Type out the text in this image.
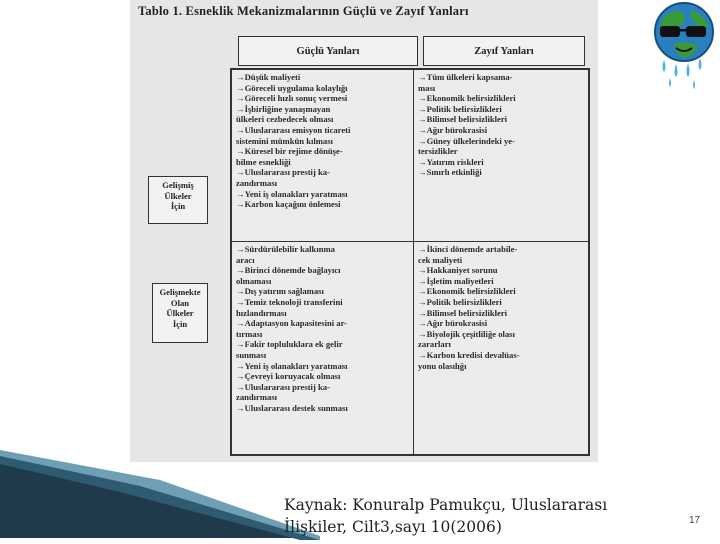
Tablo 1. Esneklik Mekanizmalarının Güçlü ve Zayıf Yanları
Güçlü Yanları	Zayıf Yanları
Gelişmiş
Ülkeler
İçin
Gelişmekte
Olan
Ülkeler
İçin
→Düşük maliyeti
→Göreceli uygulama kolaylığı
→Göreceli hızlı sonuç vermesi
→İşbirliğine yanaşmayan
ülkeleri cezbedecek olması
→Uluslararası emisyon ticareti
sistemini mümkün kılması
→Küresel bir rejime dönüşe-
bilme esnekliği
→Uluslararası prestij ka-
zandırması
→Yeni iş olanakları yaratması
→Karbon kaçağını önlemesi
→Tüm ülkeleri kapsama-
ması
→Ekonomik belirsizlikleri
→Politik belirsizlikleri
→Bilimsel belirsizlikleri
→Ağır bürokrasisi
→Güney ülkelerindeki ye-
tersizlikler
→Yatırım riskleri
→Sınırlı etkinliği
→Sürdürülebilir kalkınma
aracı
→Birinci dönemde bağlayıcı
olmaması
→Dış yatırım sağlaması
→Temiz teknoloji transferini
hızlandırması
→Adaptasyon kapasitesini ar-
tırması
→Fakir topluluklara ek gelir
sunması
→Yeni iş olanakları yaratması
→Çevreyi koruyacak olması
→Uluslararası prestij ka-
zandırması
→Uluslararası destek sunması
→İkinci dönemde artabile-
cek maliyeti
→Hakkaniyet sorunu
→İşletim maliyetleri
→Ekonomik belirsizlikleri
→Politik belirsizlikleri
→Bilimsel belirsizlikleri
→Ağır bürokrasisi
→Biyolojik çeşitliliğe olası
zararları
→Karbon kredisi devalüas-
yonu olasılığı
Kaynak: Konuralp Pamukçu, Uluslararası
İlişkiler, Cilt3,sayı 10(2006)	17
